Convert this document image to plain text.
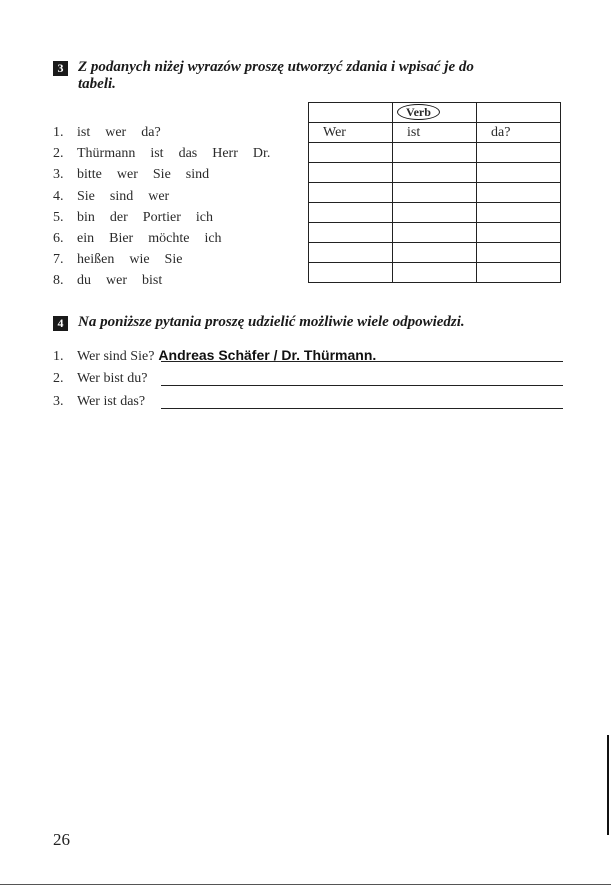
3 Z podanych niżej wyrazów proszę utworzyć zdania i wpisać je do
tabeli.
1. ist wer da?
2. Thürmann ist das Herr Dr.
3. bitte wer Sie sind
4. Sie sind wer
5. bin der Portier ich
6. ein Bier möchte ich
7. heißen wie Sie
8. du wer bist

	Verb	

Wer	ist	da?

4 Na poniższe pytania proszę udzielić możliwie wiele odpowiedzi.
1. Wer sind Sie? Andreas Schäfer / Dr. Thürmann.
2. Wer bist du?
3. Wer ist das?
26
